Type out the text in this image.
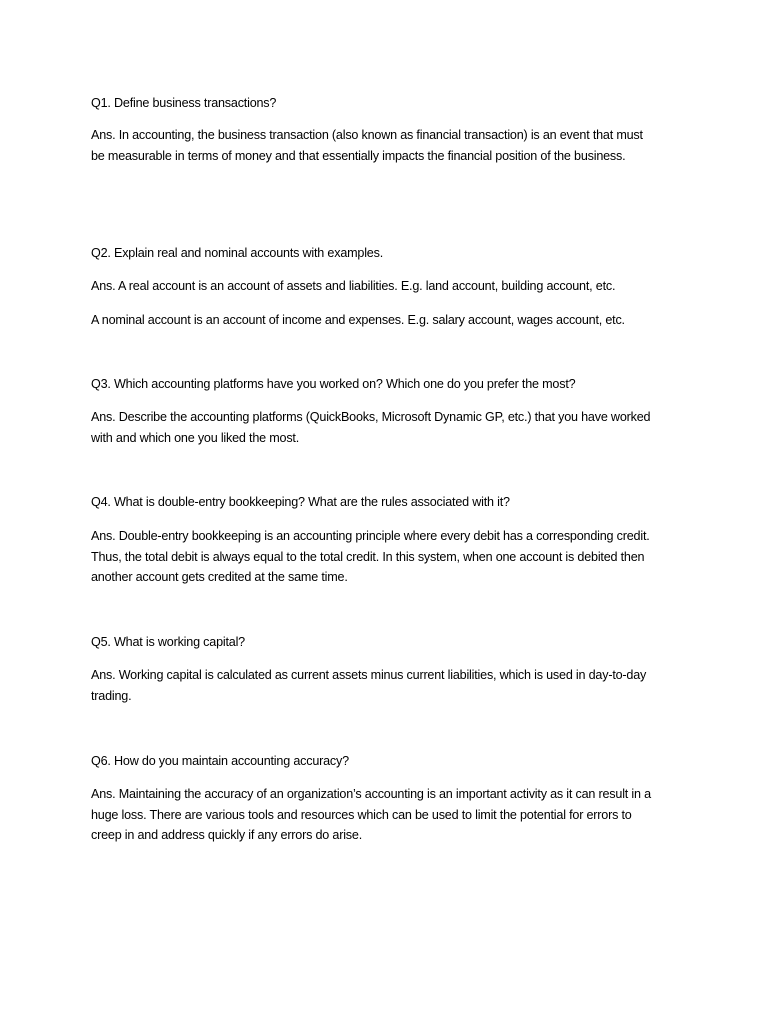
Q1. Define business transactions?

Ans. In accounting, the business transaction (also known as financial transaction) is an event that must
be measurable in terms of money and that essentially impacts the financial position of the business.

Q2. Explain real and nominal accounts with examples.

Ans. A real account is an account of assets and liabilities. E.g. land account, building account, etc.

A nominal account is an account of income and expenses. E.g. salary account, wages account, etc.

Q3. Which accounting platforms have you worked on? Which one do you prefer the most?

Ans. Describe the accounting platforms (QuickBooks, Microsoft Dynamic GP, etc.) that you have worked
with and which one you liked the most.

Q4. What is double-entry bookkeeping? What are the rules associated with it?

Ans. Double-entry bookkeeping is an accounting principle where every debit has a corresponding credit.
Thus, the total debit is always equal to the total credit. In this system, when one account is debited then
another account gets credited at the same time.

Q5. What is working capital?

Ans. Working capital is calculated as current assets minus current liabilities, which is used in day-to-day
trading.

Q6. How do you maintain accounting accuracy?

Ans. Maintaining the accuracy of an organization’s accounting is an important activity as it can result in a
huge loss. There are various tools and resources which can be used to limit the potential for errors to
creep in and address quickly if any errors do arise.
